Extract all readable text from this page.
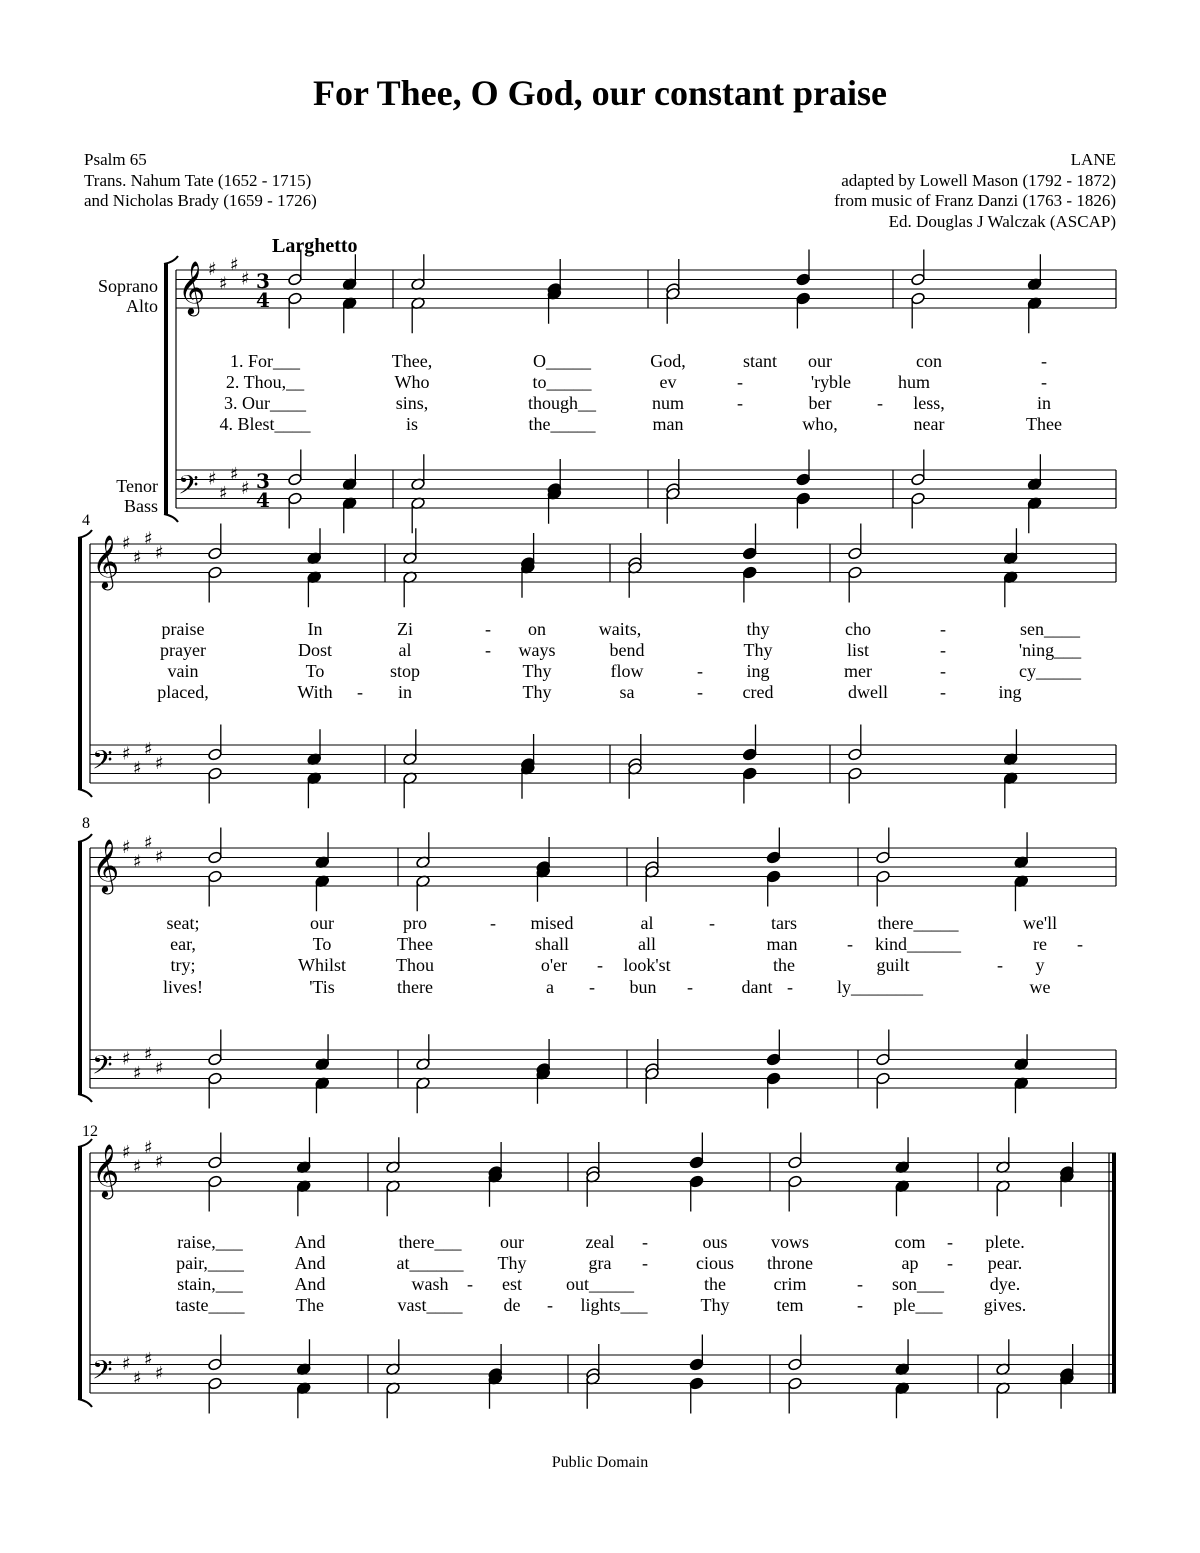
For Thee, O God, our constant praise
Psalm 65
Trans. Nahum Tate (1652 - 1715)
and Nicholas Brady (1659 - 1726)
LANE
adapted by Lowell Mason (1792 - 1872)
from music of Franz Danzi (1763 - 1826)
Ed. Douglas J Walczak (ASCAP)
Larghetto
Soprano
Alto
Tenor
Bass
4
8
12
𝄞 ♯
♯
♯
♯ 3
4
𝄢 ♯
♯
♯
♯ 3
4
1. For___	Thee,	O_____	God,	our	con	-
stant
2. Thou,__	Who	to_____	ev	-	'ry	hum	-
ble
3. Our____	sins,	though__	num	-	ber	- less,	in
4. Blest____	is	the_____	man	who,	near	Thee
𝄞 ♯
♯
♯
♯
𝄢 ♯
♯
♯
♯
praise	In	Zi	- on	waits,	thy	cho	-	sen____
prayer	Dost	al	- ways	bend	Thy	list	-	'ning___
vain	To	stop	Thy	flow	- ing	mer	-	cy_____
placed,	With - in	Thy	sa	- cred	dwell	-	ing
𝄞 ♯
♯
♯
♯
𝄢 ♯
♯
♯
♯
seat;	our	pro	- mised	al	-	tars	there_____	we'll
ear,	To	Thee	shall	all	man	- kind______	re -
try;	Whilst	Thou	o'er - look'st	the	guilt	- y
lives!	'Tis	there	a - bun -	dant - ly________	we
𝄞 ♯
♯
♯
♯
𝄢 ♯
♯
♯
♯
raise,___	And	there___ our	zeal -	ous vows	com - plete.
pair,____	And	at______ Thy	gra -	cious throne	ap - pear.
stain,___	And	wash - est out_____	the	crim	- son___	dye.
taste____	The	vast____ de - lights___	Thy	tem	- ple___ gives.
Public Domain
